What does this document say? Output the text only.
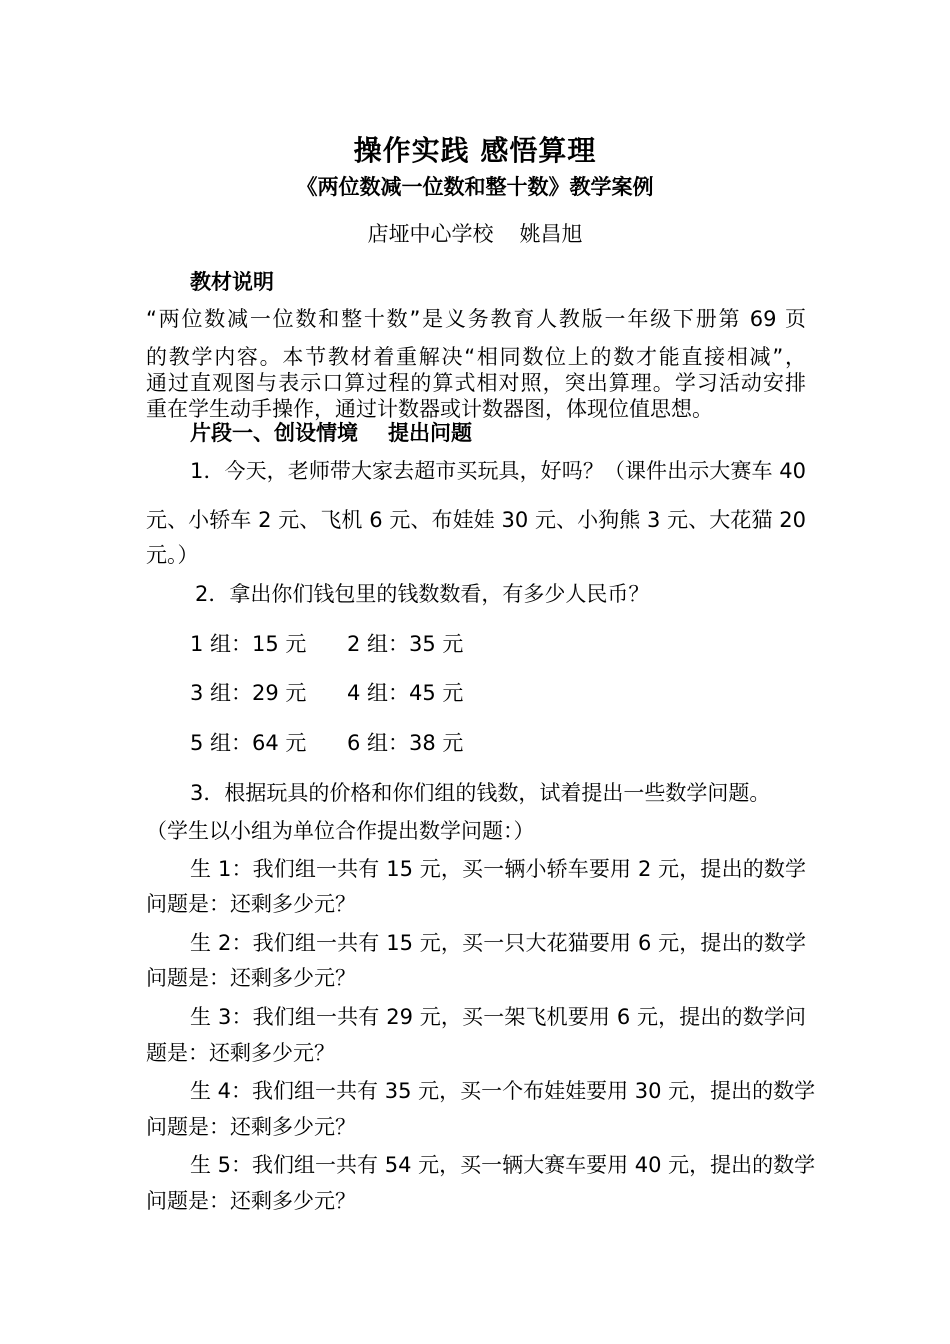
操作实践 感悟算理
《两位数减一位数和整十数》教学案例
店垭中心学校 姚昌旭
教材说明
“两位数减一位数和整十数”是义务教育人教版一年级下册第 69 页
的教学内容。本节教材着重解决“相同数位上的数才能直接相减”，
通过直观图与表示口算过程的算式相对照，突出算理。学习活动安排
重在学生动手操作，通过计数器或计数器图，体现位值思想。
片段一、创设情境 提出问题
1．今天，老师带大家去超市买玩具，好吗？（课件出示大赛车 40
元、小轿车 2 元、飞机 6 元、布娃娃 30 元、小狗熊 3 元、大花猫 20
元。）
2．拿出你们钱包里的钱数数看，有多少人民币？
1 组：15 元 2 组：35 元
3 组：29 元 4 组：45 元
5 组：64 元 6 组：38 元
3．根据玩具的价格和你们组的钱数，试着提出一些数学问题。
（学生以小组为单位合作提出数学问题：）
生 1：我们组一共有 15 元，买一辆小轿车要用 2 元，提出的数学
问题是：还剩多少元？
生 2：我们组一共有 15 元，买一只大花猫要用 6 元，提出的数学
问题是：还剩多少元？
生 3：我们组一共有 29 元，买一架飞机要用 6 元，提出的数学问
题是：还剩多少元？
生 4：我们组一共有 35 元，买一个布娃娃要用 30 元，提出的数学
问题是：还剩多少元？
生 5：我们组一共有 54 元，买一辆大赛车要用 40 元，提出的数学
问题是：还剩多少元？
